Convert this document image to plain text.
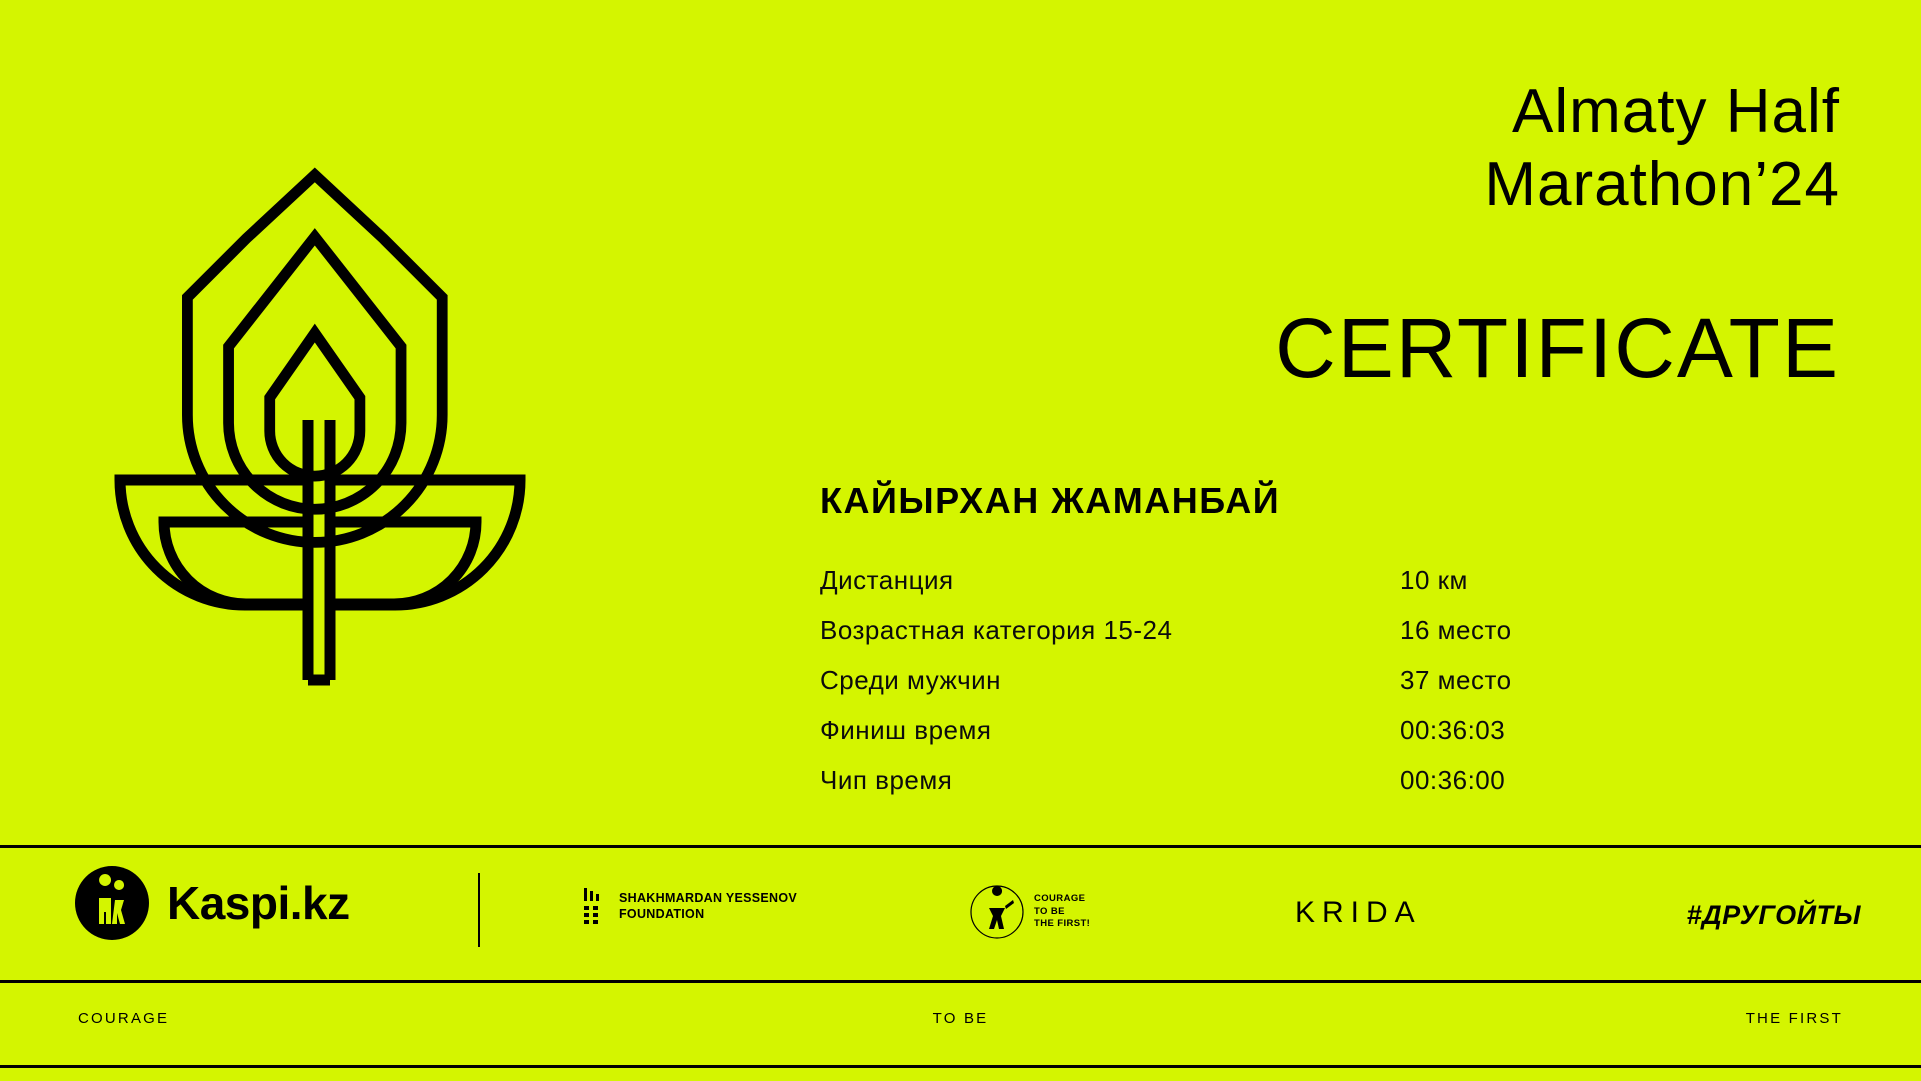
Almaty Half
Marathon’24
CERTIFICATE
КАЙЫРХАН ЖАМАНБАЙ
Дистанция	10 км
Возрастная категория 15-24	16 место
Среди мужчин	37 место
Финиш время	00:36:03
Чип время	00:36:00
Kaspi.kz	SHAKHMARDAN YESSENOV
FOUNDATION
COURAGE
TO BE
THE FIRST!	KRIDA	#ДРУГОЙТЫ
COURAGE	TO BE	THE FIRST
